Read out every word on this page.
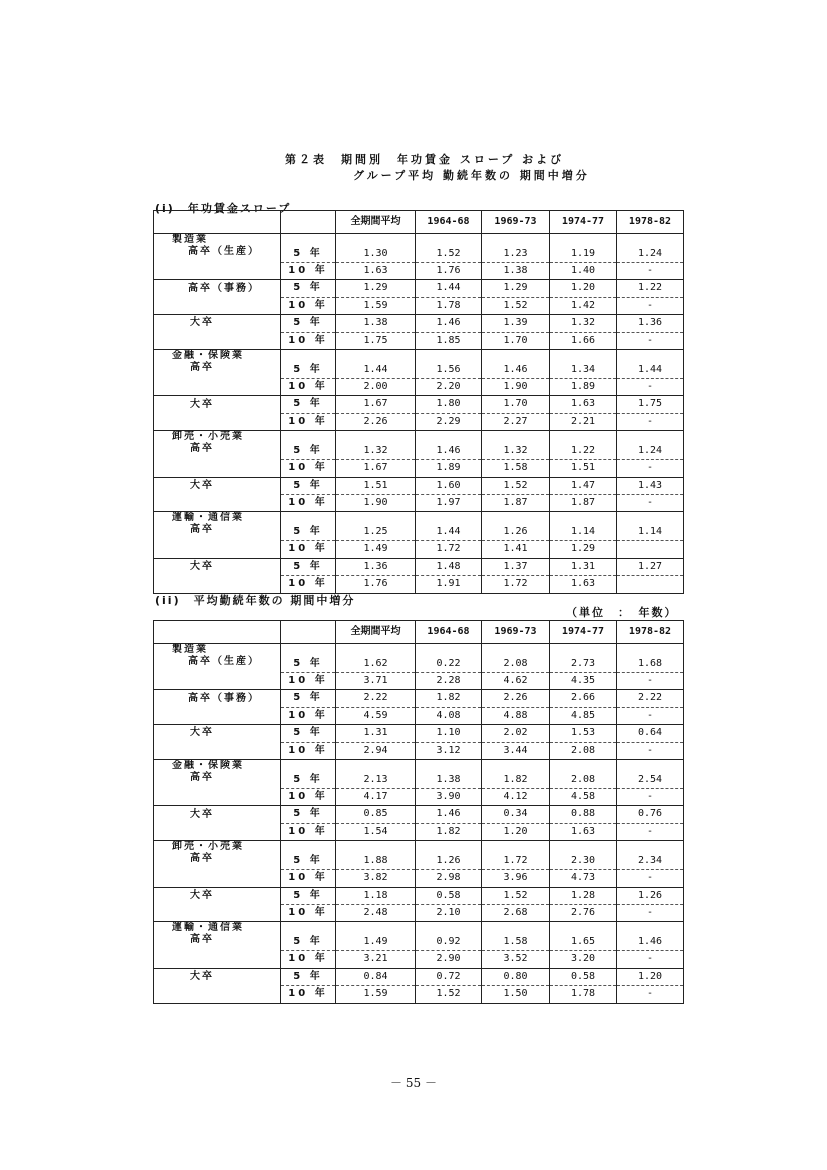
第２表　期間別　年功賃金 スロープ および
グループ平均 勤続年数の 期間中増分
(i)　年功賃金スロープ
		全期間平均	1964-68	1969-73	1974-77	1978-82

製造業
高卒（生産）	5 年	1.30	1.52	1.23	1.19	1.24
	10 年	1.63	1.76	1.38	1.40	-
高卒（事務）	5 年	1.29	1.44	1.29	1.20	1.22
	10 年	1.59	1.78	1.52	1.42	-
大卒	5 年	1.38	1.46	1.39	1.32	1.36
	10 年	1.75	1.85	1.70	1.66	-

金融・保険業
高卒	5 年	1.44	1.56	1.46	1.34	1.44
	10 年	2.00	2.20	1.90	1.89	-
大卒	5 年	1.67	1.80	1.70	1.63	1.75
	10 年	2.26	2.29	2.27	2.21	-

卸売・小売業
高卒	5 年	1.32	1.46	1.32	1.22	1.24
	10 年	1.67	1.89	1.58	1.51	-
大卒	5 年	1.51	1.60	1.52	1.47	1.43
	10 年	1.90	1.97	1.87	1.87	-

運輸・通信業
高卒	5 年	1.25	1.44	1.26	1.14	1.14
	10 年	1.49	1.72	1.41	1.29	
大卒	5 年	1.36	1.48	1.37	1.31	1.27
	10 年	1.76	1.91	1.72	1.63	
(ii)　平均勤続年数の 期間中増分
（単位　：　年数）
		全期間平均	1964-68	1969-73	1974-77	1978-82

製造業
高卒（生産）	5 年	1.62	0.22	2.08	2.73	1.68
	10 年	3.71	2.28	4.62	4.35	-
高卒（事務）	5 年	2.22	1.82	2.26	2.66	2.22
	10 年	4.59	4.08	4.88	4.85	-
大卒	5 年	1.31	1.10	2.02	1.53	0.64
	10 年	2.94	3.12	3.44	2.08	-

金融・保険業
高卒	5 年	2.13	1.38	1.82	2.08	2.54
	10 年	4.17	3.90	4.12	4.58	-
大卒	5 年	0.85	1.46	0.34	0.88	0.76
	10 年	1.54	1.82	1.20	1.63	-

卸売・小売業
高卒	5 年	1.88	1.26	1.72	2.30	2.34
	10 年	3.82	2.98	3.96	4.73	-
大卒	5 年	1.18	0.58	1.52	1.28	1.26
	10 年	2.48	2.10	2.68	2.76	-

運輸・通信業
高卒	5 年	1.49	0.92	1.58	1.65	1.46
	10 年	3.21	2.90	3.52	3.20	-
大卒	5 年	0.84	0.72	0.80	0.58	1.20
	10 年	1.59	1.52	1.50	1.78	-
－ 55 －
